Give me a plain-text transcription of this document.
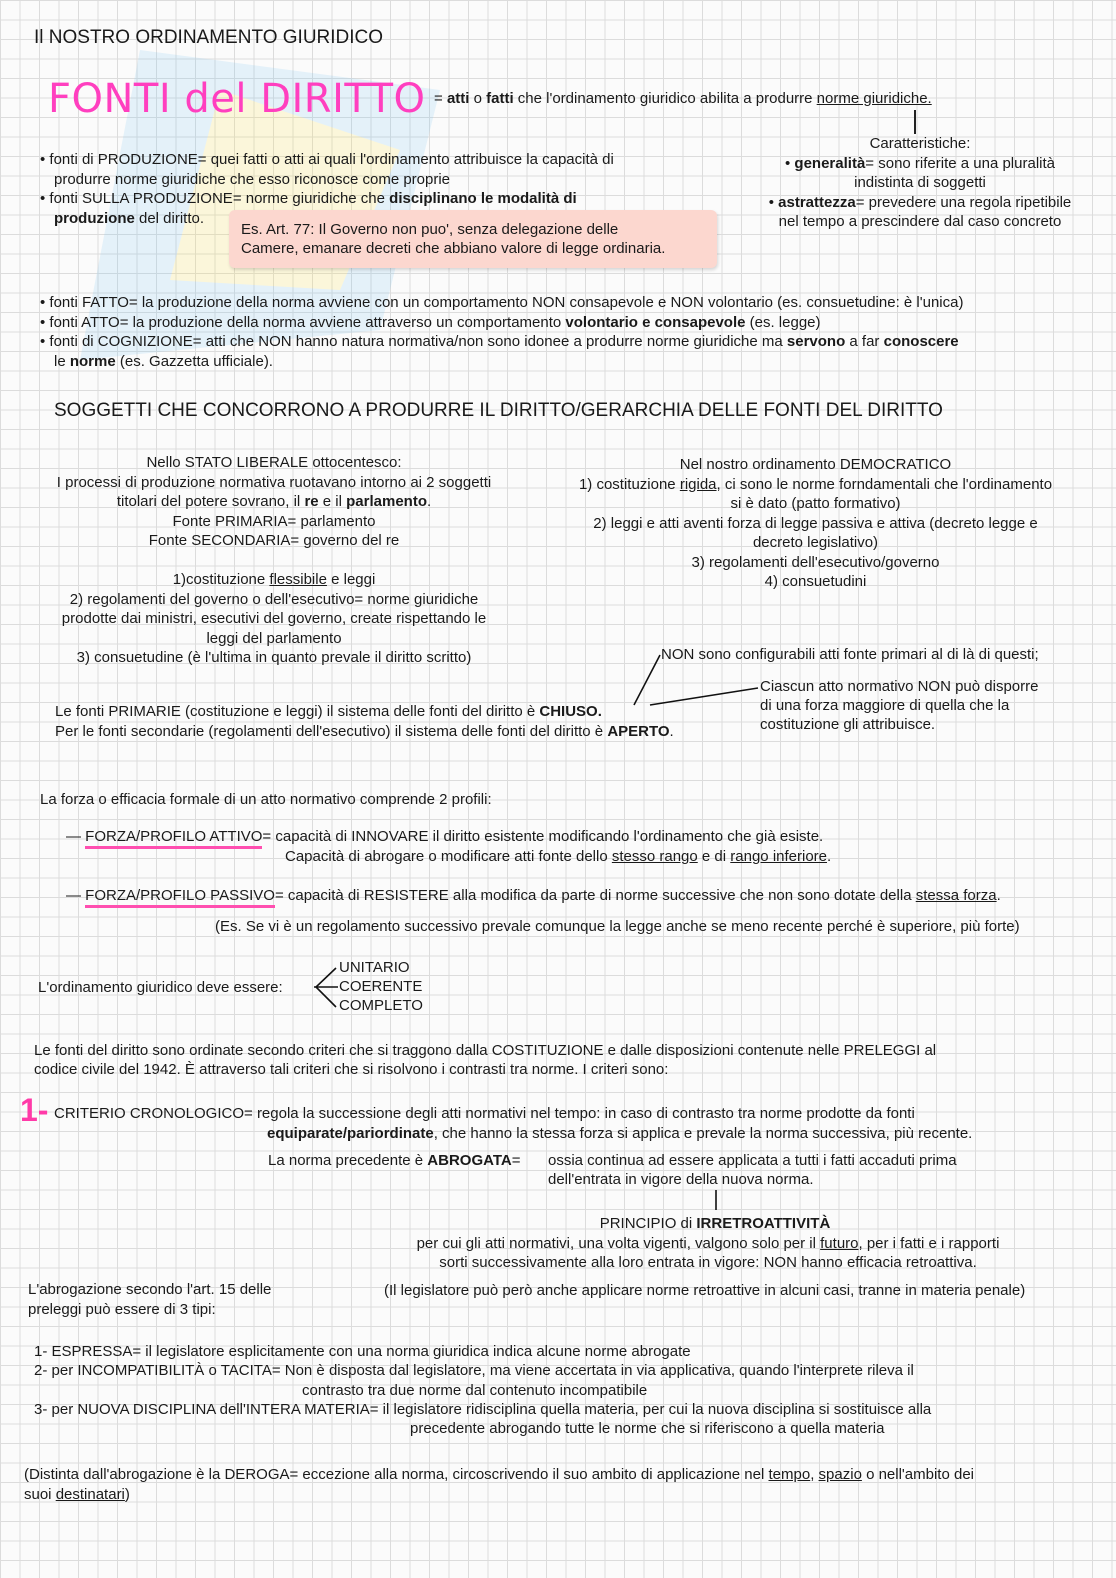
Il NOSTRO ORDINAMENTO GIURIDICO
FONTI del DIRITTO = atti o fatti che l'ordinamento giuridico abilita a produrre norme giuridiche.
Caratteristiche:
• generalità= sono riferite a una pluralità
indistinta di soggetti
• astrattezza= prevedere una regola ripetibile
nel tempo a prescindere dal caso concreto
• fonti di PRODUZIONE= quei fatti o atti ai quali l'ordinamento attribuisce la capacità di
produrre norme giuridiche che esso riconosce come proprie
• fonti SULLA PRODUZIONE= norme giuridiche che disciplinano le modalità di
produzione del diritto.
Es. Art. 77: Il Governo non puo', senza delegazione delle
Camere, emanare decreti che abbiano valore di legge ordinaria.
• fonti FATTO= la produzione della norma avviene con un comportamento NON consapevole e NON volontario (es. consuetudine: è l'unica)
• fonti ATTO= la produzione della norma avviene attraverso un comportamento volontario e consapevole (es. legge)
• fonti di COGNIZIONE= atti che NON hanno natura normativa/non sono idonee a produrre norme giuridiche ma servono a far conoscere
le norme (es. Gazzetta ufficiale).
SOGGETTI CHE CONCORRONO A PRODURRE IL DIRITTO/GERARCHIA DELLE FONTI DEL DIRITTO
Nello STATO LIBERALE ottocentesco:
I processi di produzione normativa ruotavano intorno ai 2 soggetti
titolari del potere sovrano, il re e il parlamento.
Fonte PRIMARIA= parlamento
Fonte SECONDARIA= governo del re
1)costituzione flessibile e leggi
2) regolamenti del governo o dell'esecutivo= norme giuridiche
prodotte dai ministri, esecutivi del governo, create rispettando le
leggi del parlamento
3) consuetudine (è l'ultima in quanto prevale il diritto scritto)
Nel nostro ordinamento DEMOCRATICO
1) costituzione rigida, ci sono le norme forndamentali che l'ordinamento
si è dato (patto formativo)
2) leggi e atti aventi forza di legge passiva e attiva (decreto legge e
decreto legislativo)
3) regolamenti dell'esecutivo/governo
4) consuetudini
NON sono configurabili atti fonte primari al di là di questi;
Ciascun atto normativo NON può disporre
di una forza maggiore di quella che la
costituzione gli attribuisce.
Le fonti PRIMARIE (costituzione e leggi) il sistema delle fonti del diritto è CHIUSO.
Per le fonti secondarie (regolamenti dell'esecutivo) il sistema delle fonti del diritto è APERTO.
La forza o efficacia formale di un atto normativo comprende 2 profili:
— FORZA/PROFILO ATTIVO= capacità di INNOVARE il diritto esistente modificando l'ordinamento che già esiste.
Capacità di abrogare o modificare atti fonte dello stesso rango e di rango inferiore.
— FORZA/PROFILO PASSIVO= capacità di RESISTERE alla modifica da parte di norme successive che non sono dotate della stessa forza.
(Es. Se vi è un regolamento successivo prevale comunque la legge anche se meno recente perché è superiore, più forte)
L'ordinamento giuridico deve essere:
UNITARIO
COERENTE
COMPLETO
Le fonti del diritto sono ordinate secondo criteri che si traggono dalla COSTITUZIONE e dalle disposizioni contenute nelle PRELEGGI al
codice civile del 1942. È attraverso tali criteri che si risolvono i contrasti tra norme. I criteri sono:
1- CRITERIO CRONOLOGICO= regola la successione degli atti normativi nel tempo: in caso di contrasto tra norme prodotte da fonti
equiparate/pariordinate, che hanno la stessa forza si applica e prevale la norma successiva, più recente.
La norma precedente è ABROGATA= ossia continua ad essere applicata a tutti i fatti accaduti prima
dell'entrata in vigore della nuova norma.
PRINCIPIO di IRRETROATTIVITÀ
per cui gli atti normativi, una volta vigenti, valgono solo per il futuro, per i fatti e i rapporti
sorti successivamente alla loro entrata in vigore: NON hanno efficacia retroattiva.
(Il legislatore può però anche applicare norme retroattive in alcuni casi, tranne in materia penale)
L'abrogazione secondo l'art. 15 delle
preleggi può essere di 3 tipi:
1- ESPRESSA= il legislatore esplicitamente con una norma giuridica indica alcune norme abrogate
2- per INCOMPATIBILITÀ o TACITA= Non è disposta dal legislatore, ma viene accertata in via applicativa, quando l'interprete rileva il
contrasto tra due norme dal contenuto incompatibile
3- per NUOVA DISCIPLINA dell'INTERA MATERIA= il legislatore ridisciplina quella materia, per cui la nuova disciplina si sostituisce alla
precedente abrogando tutte le norme che si riferiscono a quella materia
(Distinta dall'abrogazione è la DEROGA= eccezione alla norma, circoscrivendo il suo ambito di applicazione nel tempo, spazio o nell'ambito dei
suoi destinatari)
